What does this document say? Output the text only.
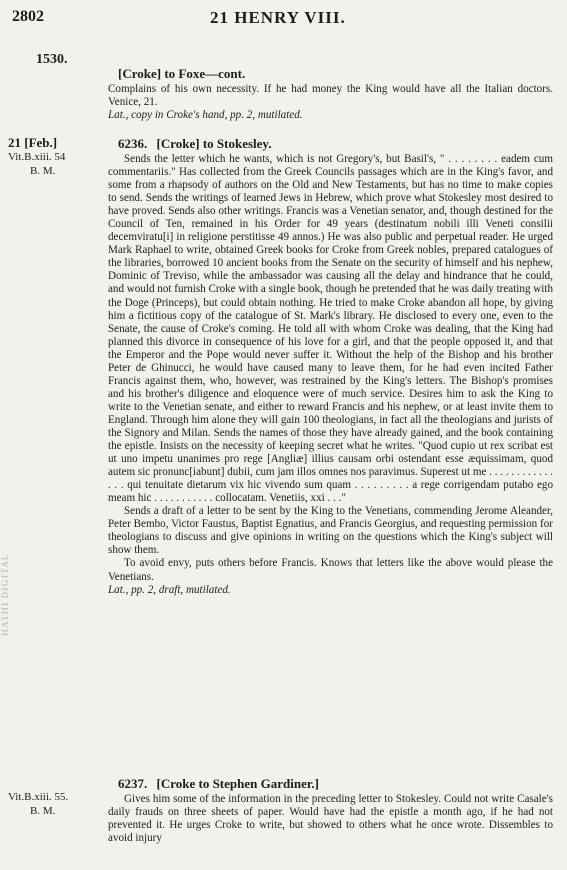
2802	21 HENRY VIII.
1530.
HATHI DIGITAL
[Croke] to Foxe—cont.

Complains of his own necessity. If he had money the King would have all the Italian doctors. Venice, 21.

Lat., copy in Croke's hand, pp. 2, mutilated.

21 [Feb.]
Vit.B.xiii. 54
B. M.
6236. [Croke] to Stokesley.

Sends the letter which he wants, which is not Gregory's, but Basil's, " . . . . . . . . eadem cum commentariis." Has collected from the Greek Councils passages which are in the King's favor, and some from a rhapsody of authors on the Old and New Testaments, but has no time to make copies to send. Sends the writings of learned Jews in Hebrew, which prove what Stokesley most desired to have proved. Sends also other writings. Francis was a Venetian senator, and, though destined for the Council of Ten, remained in his Order for 49 years (destinatum nobili illi Veneti consilii decemviratu[i] in religione perstitisse 49 annos.) He was also public and perpetual reader. He urged Mark Raphael to write, obtained Greek books for Croke from Greek nobles, prepared catalogues of the libraries, borrowed 10 ancient books from the Senate on the security of himself and his nephew, Dominic of Treviso, while the ambassador was causing all the delay and hindrance that he could, and would not furnish Croke with a single book, though he pretended that he was daily treating with the Doge (Princeps), but could obtain nothing. He tried to make Croke abandon all hope, by giving him a fictitious copy of the catalogue of St. Mark's library. He disclosed to every one, even to the Senate, the cause of Croke's coming. He told all with whom Croke was dealing, that the King had planned this divorce in consequence of his love for a girl, and that the people opposed it, and that the Emperor and the Pope would never suffer it. Without the help of the Bishop and his brother Peter de Ghinucci, he would have caused many to leave them, for he had even incited Father Francis against them, who, however, was restrained by the King's letters. The Bishop's promises and his brother's diligence and eloquence were of much service. Desires him to ask the King to write to the Venetian senate, and either to reward Francis and his nephew, or at least invite them to England. Through him alone they will gain 100 theologians, in fact all the theologians and jurists of the Signory and Milan. Sends the names of those they have already gained, and the book containing the epistle. Insists on the necessity of keeping secret what he writes. "Quod cupio ut rex scribat est ut uno impetu unanimes pro rege [Angliæ] illius causam orbi ostendant esse æquissimam, quod autem sic pronunc[iabunt] dubii, cum jam illos omnes nos paravimus. Superest ut me . . . . . . . . . . . . . . . qui tenuitate dietarum vix hic vivendo sum quam . . . . . . . . . a rege corrigendam putabo ego meam hic . . . . . . . . . . . collocatam. Venetiis, xxi . . ."

Sends a draft of a letter to be sent by the King to the Venetians, commending Jerome Aleander, Peter Bembo, Victor Faustus, Baptist Egnatius, and Francis Georgius, and requesting permission for theologians to discuss and give opinions in writing on the questions which the King's subject will show them.

To avoid envy, puts others before Francis. Knows that letters like the above would please the Venetians.

Lat., pp. 2, draft, mutilated.

Vit.B.xiii. 55.
B. M.
6237. [Croke to Stephen Gardiner.]

Gives him some of the information in the preceding letter to Stokesley. Could not write Casale's daily frauds on three sheets of paper. Would have had the epistle a month ago, if he had not prevented it. He urges Croke to write, but showed to others what he once wrote. Dissembles to avoid injury
